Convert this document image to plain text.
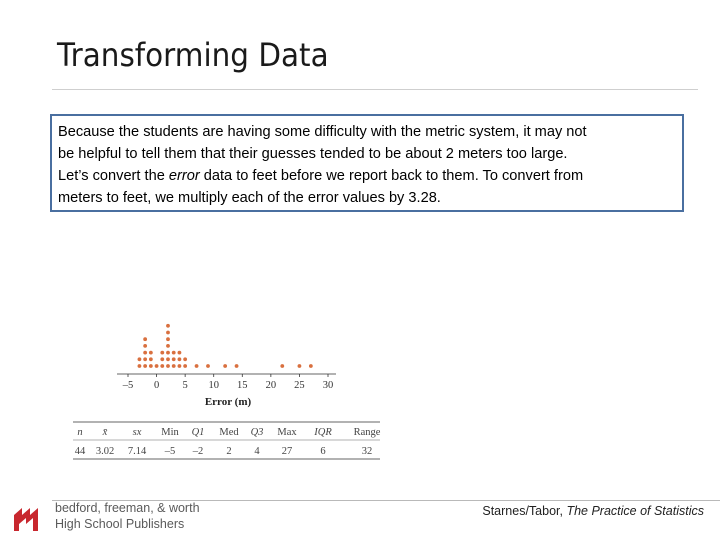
Transforming Data
Because the students are having some difficulty with the metric system, it may not
be helpful to tell them that their guesses tended to be about 2 meters too large.
Let’s convert the error data to feet before we report back to them. To convert from
meters to feet, we multiply each of the error values by 3.28.
–5 0 5 10 15 20 25 30
Error (m)
n x̄ sx Min Q1 Med Q3 Max IQR Range
44 3.02 7.14 –5 –2 2 4 27	6	32
bedford, freeman, & worth
High School Publishers
Starnes/Tabor, The Practice of Statistics
